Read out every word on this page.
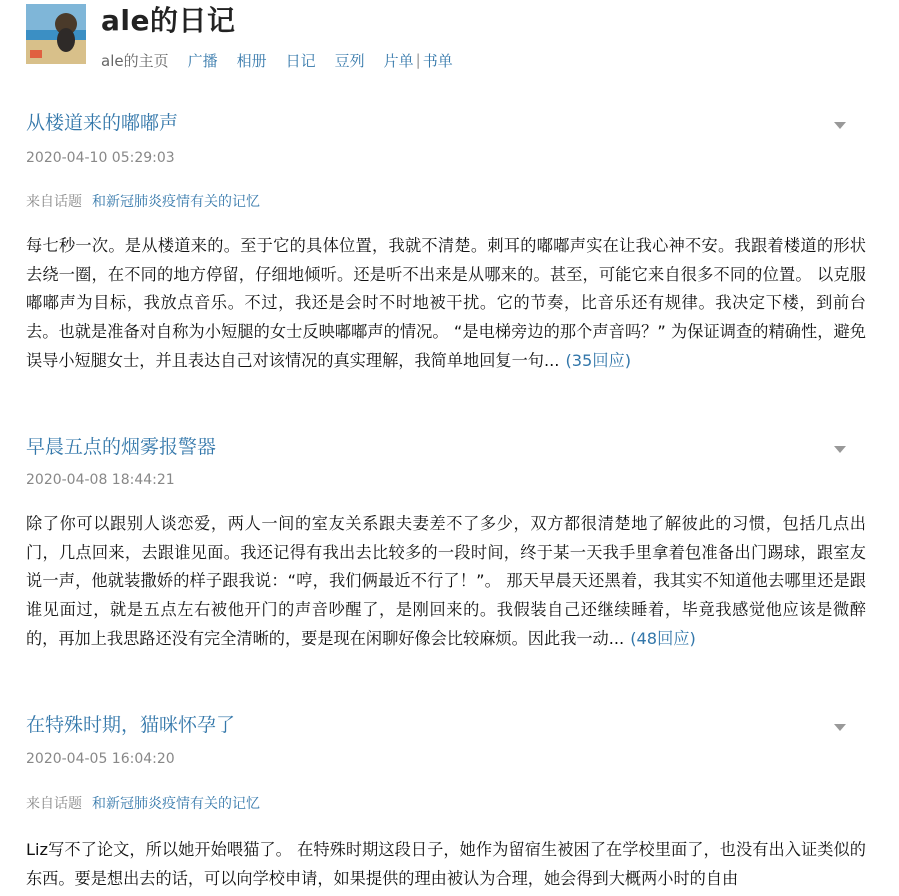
ale的日记
ale的主页 广播 相册 日记 豆列 片单 | 书单
从楼道来的嘟嘟声
2020-04-10 05:29:03
来自话题 和新冠肺炎疫情有关的记忆
每七秒一次。是从楼道来的。至于它的具体位置，我就不清楚。刺耳的嘟嘟声实在让我心神不安。我跟着楼道的形状去绕一圈，在不同的地方停留，仔细地倾听。还是听不出来是从哪来的。甚至，可能它来自很多不同的位置。 以克服嘟嘟声为目标，我放点音乐。不过，我还是会时不时地被干扰。它的节奏，比音乐还有规律。我决定下楼，到前台去。也就是准备对自称为小短腿的女士反映嘟嘟声的情况。 “是电梯旁边的那个声音吗？” 为保证调查的精确性，避免误导小短腿女士，并且表达自己对该情况的真实理解，我简单地回复一句... (35回应)
早晨五点的烟雾报警器
2020-04-08 18:44:21
除了你可以跟别人谈恋爱，两人一间的室友关系跟夫妻差不了多少，双方都很清楚地了解彼此的习惯，包括几点出门，几点回来，去跟谁见面。我还记得有我出去比较多的一段时间，终于某一天我手里拿着包准备出门踢球，跟室友说一声，他就装撒娇的样子跟我说：“哼，我们俩最近不行了！”。 那天早晨天还黑着，我其实不知道他去哪里还是跟谁见面过，就是五点左右被他开门的声音吵醒了，是刚回来的。我假装自己还继续睡着，毕竟我感觉他应该是微醉的，再加上我思路还没有完全清晰的，要是现在闲聊好像会比较麻烦。因此我一动... (48回应)
在特殊时期，猫咪怀孕了
2020-04-05 16:04:20
来自话题 和新冠肺炎疫情有关的记忆
Liz写不了论文，所以她开始喂猫了。 在特殊时期这段日子，她作为留宿生被困了在学校里面了，也没有出入证类似的东西。要是想出去的话，可以向学校申请，如果提供的理由被认为合理，她会得到大概两小时的自由
